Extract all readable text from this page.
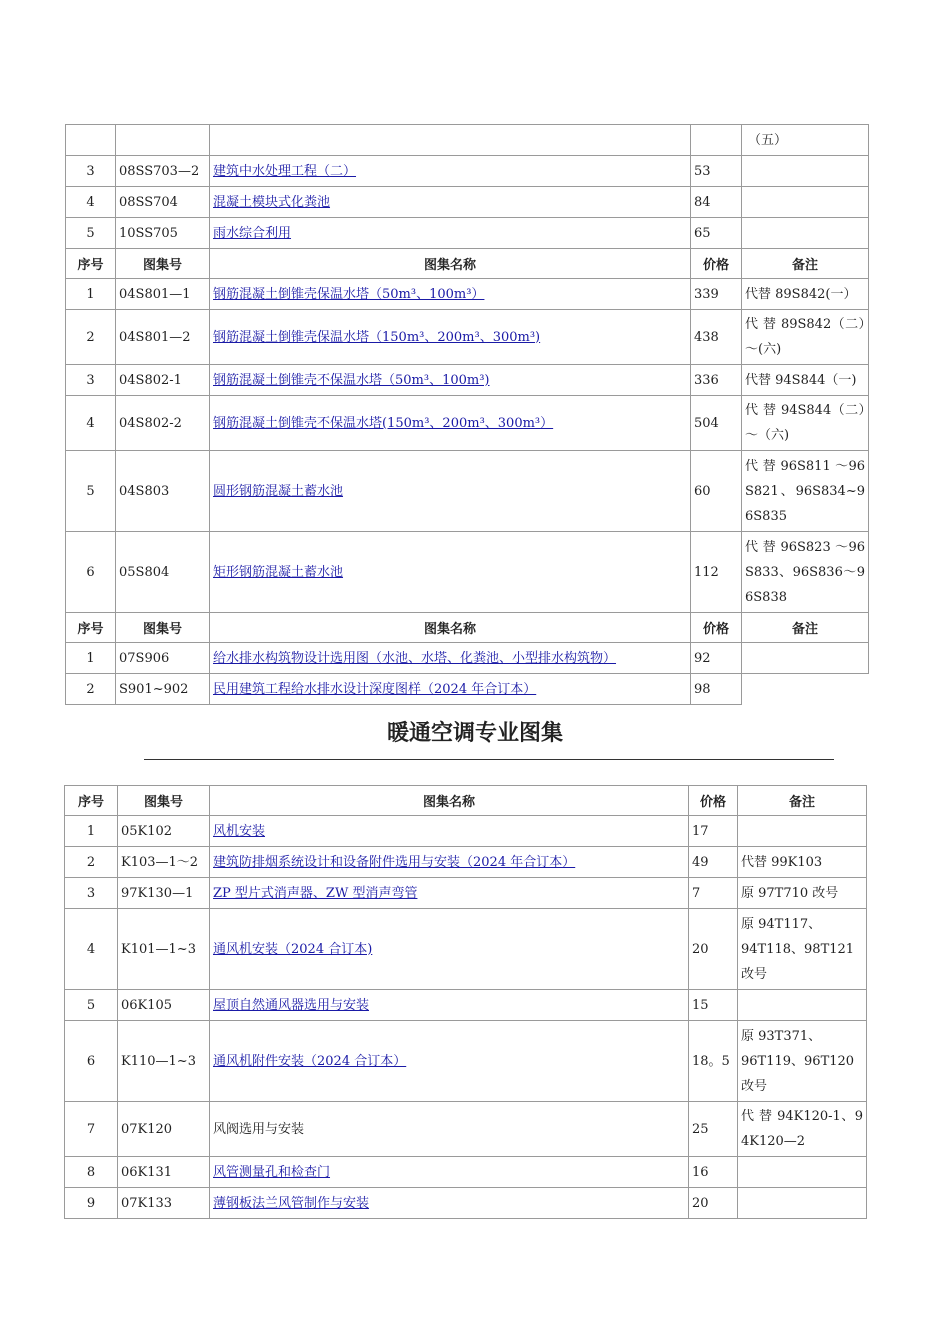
				（五）
3	08SS703—2	建筑中水处理工程（二）	53	
4	08SS704	混凝土模块式化粪池	84	
5	10SS705	雨水综合利用	65	
序号	图集号	图集名称	价格	备注
1	04S801—1	钢筋混凝土倒锥壳保温水塔（50m³、100m³）	339	代替 89S842(一）
2	04S801—2	钢筋混凝土倒锥壳保温水塔（150m³、200m³、300m³)	438	代 替 89S842（二）～(六)
3	04S802-1	钢筋混凝土倒锥壳不保温水塔（50m³、100m³)	336	代替 94S844（一)
4	04S802-2	钢筋混凝土倒锥壳不保温水塔(150m³、200m³、300m³）	504	代 替 94S844（二）～（六)
5	04S803	圆形钢筋混凝土蓄水池	60	代 替 96S811 ～96S821、96S834~96S835
6	05S804	矩形钢筋混凝土蓄水池	112	代 替 96S823 ～96S833、96S836～96S838
序号	图集号	图集名称	价格	备注
1	07S906	给水排水构筑物设计选用图（水池、水塔、化粪池、小型排水构筑物）	92	
2	S901~902	民用建筑工程给水排水设计深度图样（2024 年合订本）	98	
暖通空调专业图集
序号	图集号	图集名称	价格	备注
1	05K102	风机安装	17	
2	K103—1～2	建筑防排烟系统设计和设备附件选用与安装（2024 年合订本）	49	代替 99K103
3	97K130—1	ZP 型片式消声器、ZW 型消声弯管	7	原 97T710 改号
4	K101—1~3	通风机安装（2024 合订本)	20	原 94T117、94T118、98T121 改号
5	06K105	屋顶自然通风器选用与安装	15	
6	K110—1~3	通风机附件安装（2024 合订本）	18。5	原 93T371、96T119、96T120 改号
7	07K120	风阀选用与安装	25	代 替 94K120-1、94K120—2
8	06K131	风管测量孔和检查门	16	
9	07K133	薄钢板法兰风管制作与安装	20	
